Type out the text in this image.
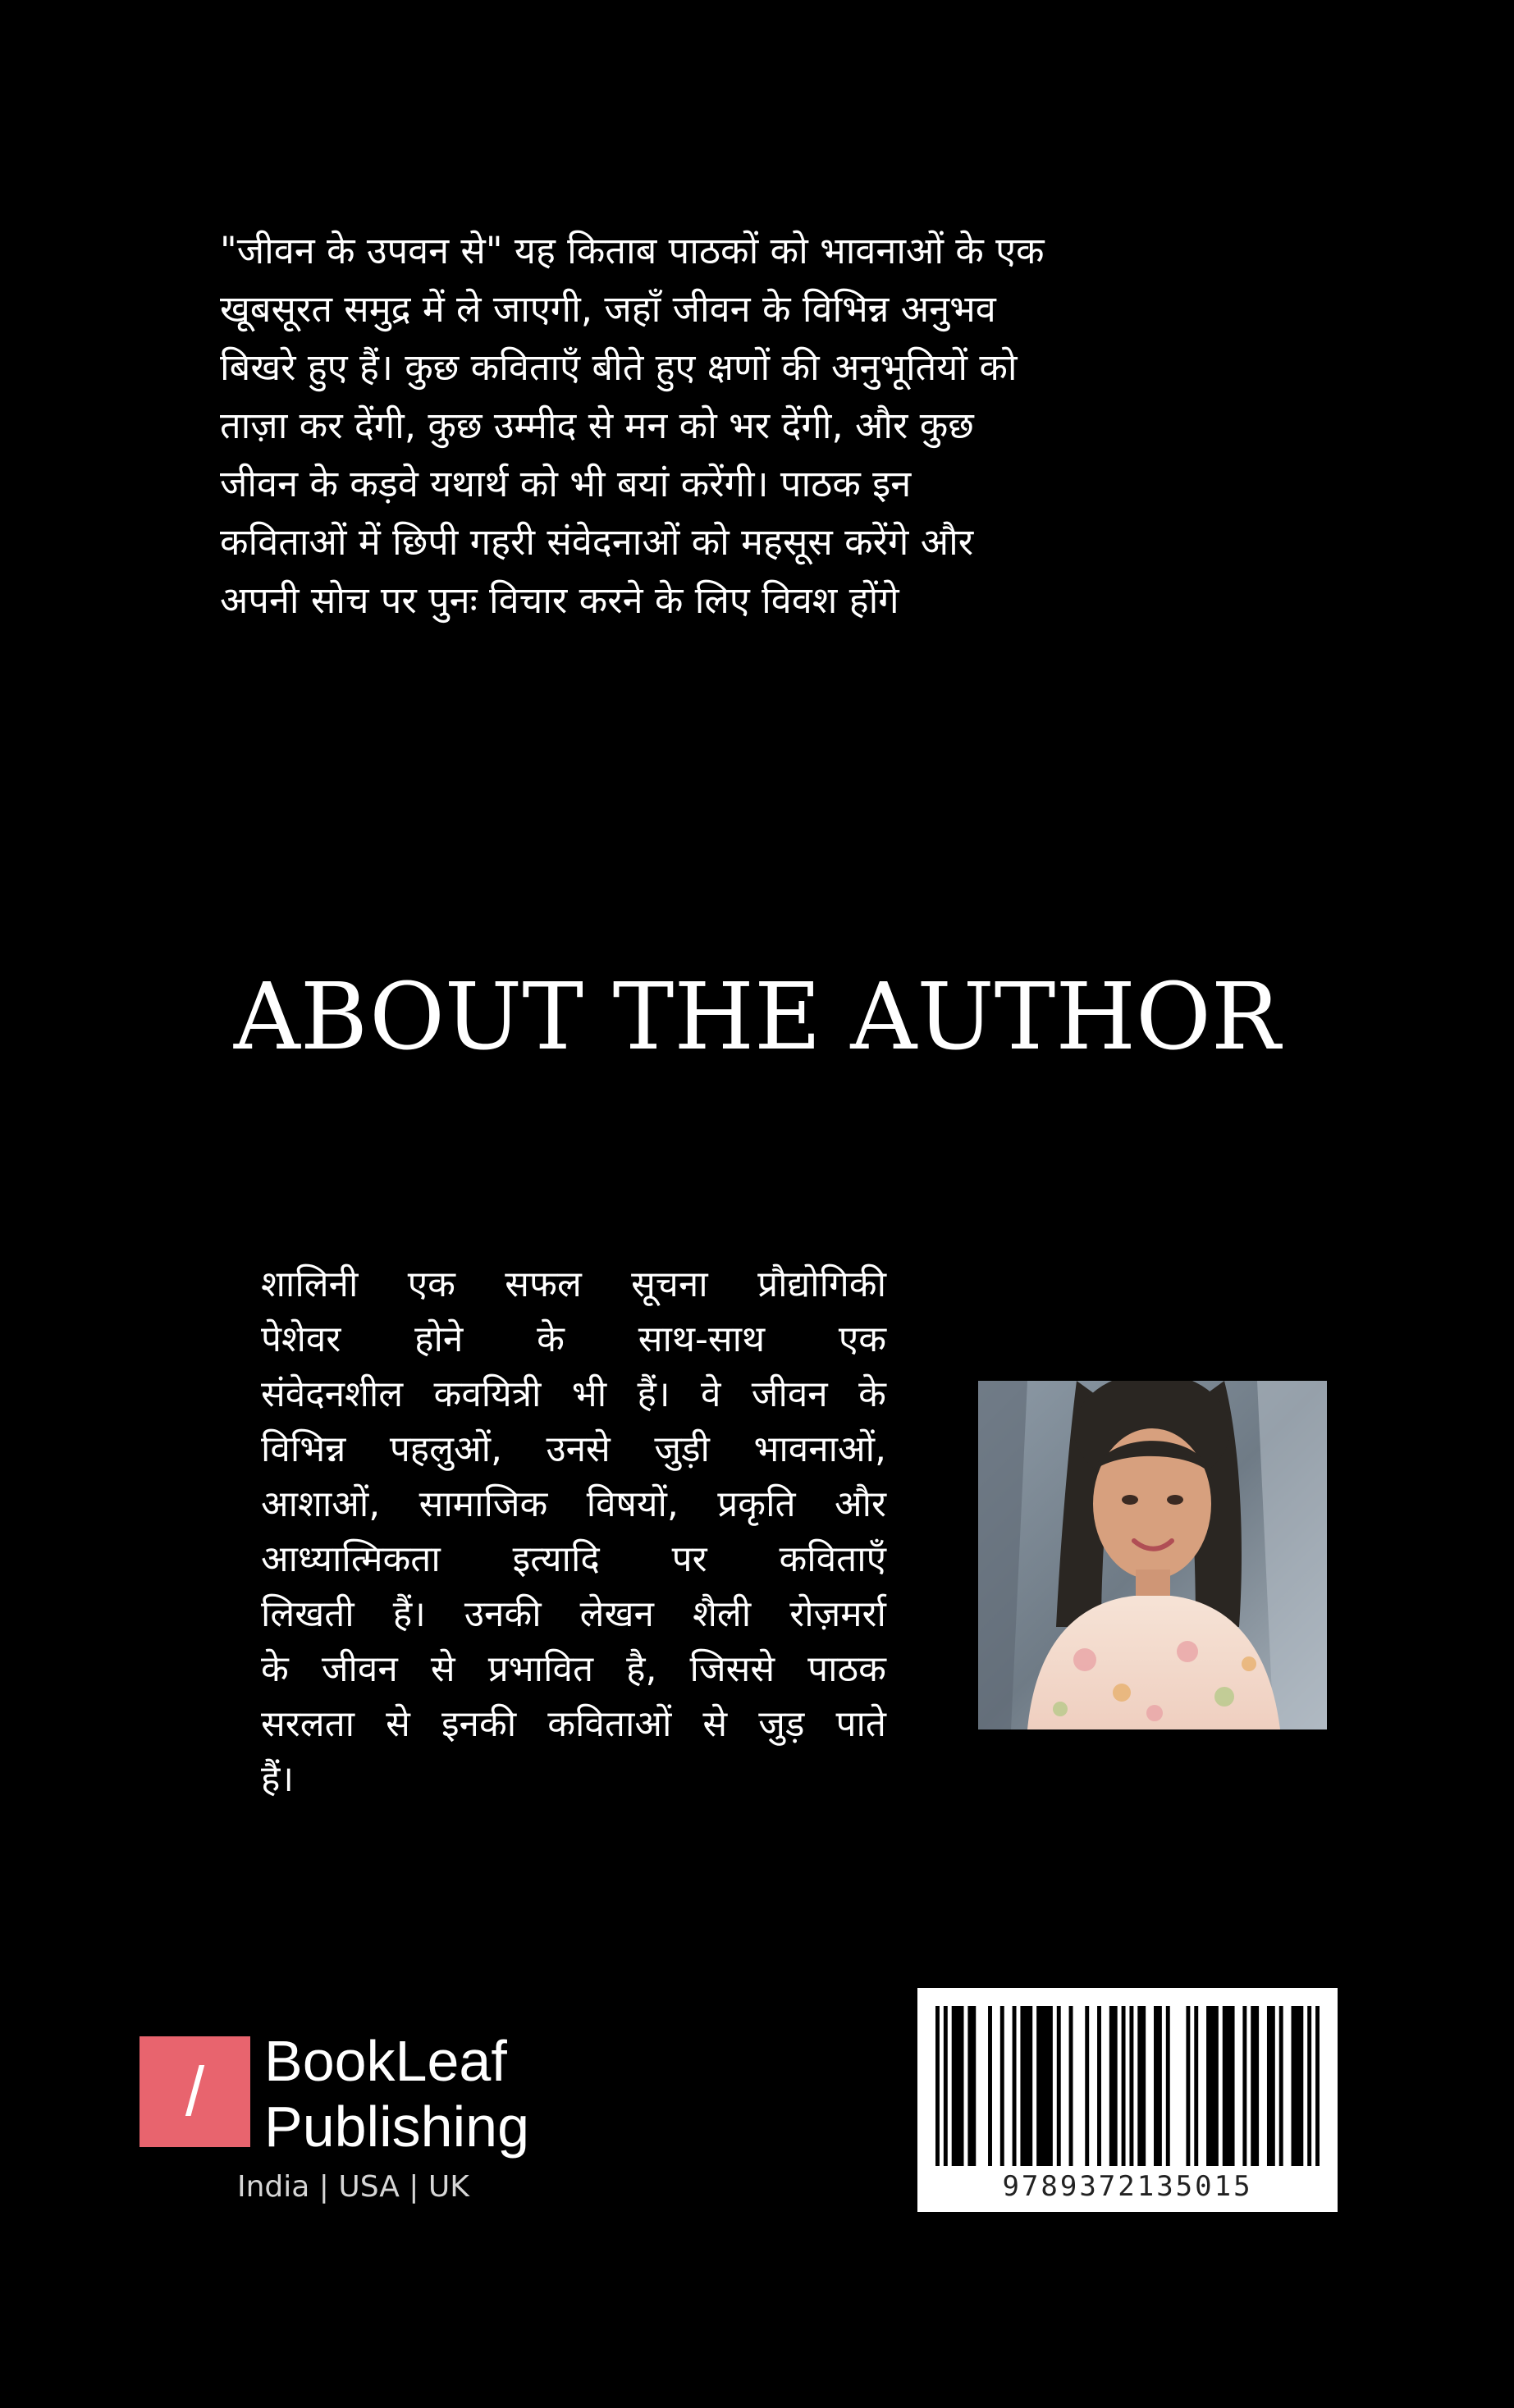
"जीवन के उपवन से" यह किताब पाठकों को भावनाओं के एक
खूबसूरत समुद्र में ले जाएगी, जहाँ जीवन के विभिन्न अनुभव
बिखरे हुए हैं। कुछ कविताएँ बीते हुए क्षणों की अनुभूतियों को
ताज़ा कर देंगी, कुछ उम्मीद से मन को भर देंगी, और कुछ
जीवन के कड़वे यथार्थ को भी बयां करेंगी। पाठक इन
कविताओं में छिपी गहरी संवेदनाओं को महसूस करेंगे और
अपनी सोच पर पुनः विचार करने के लिए विवश होंगे
ABOUT THE AUTHOR
शालिनी एक सफल सूचना प्रौद्योगिकी
पेशेवर होने के साथ-साथ एक
संवेदनशील कवयित्री भी हैं। वे जीवन के
विभिन्न पहलुओं, उनसे जुड़ी भावनाओं,
आशाओं, सामाजिक विषयों, प्रकृति और
आध्यात्मिकता इत्यादि पर कविताएँ
लिखती हैं। उनकी लेखन शैली रोज़मर्रा
के जीवन से प्रभावित है, जिससे पाठक
सरलता से इनकी कविताओं से जुड़ पाते
हैं।
/	BookLeaf
Publishing
India | USA | UK	9789372135015
